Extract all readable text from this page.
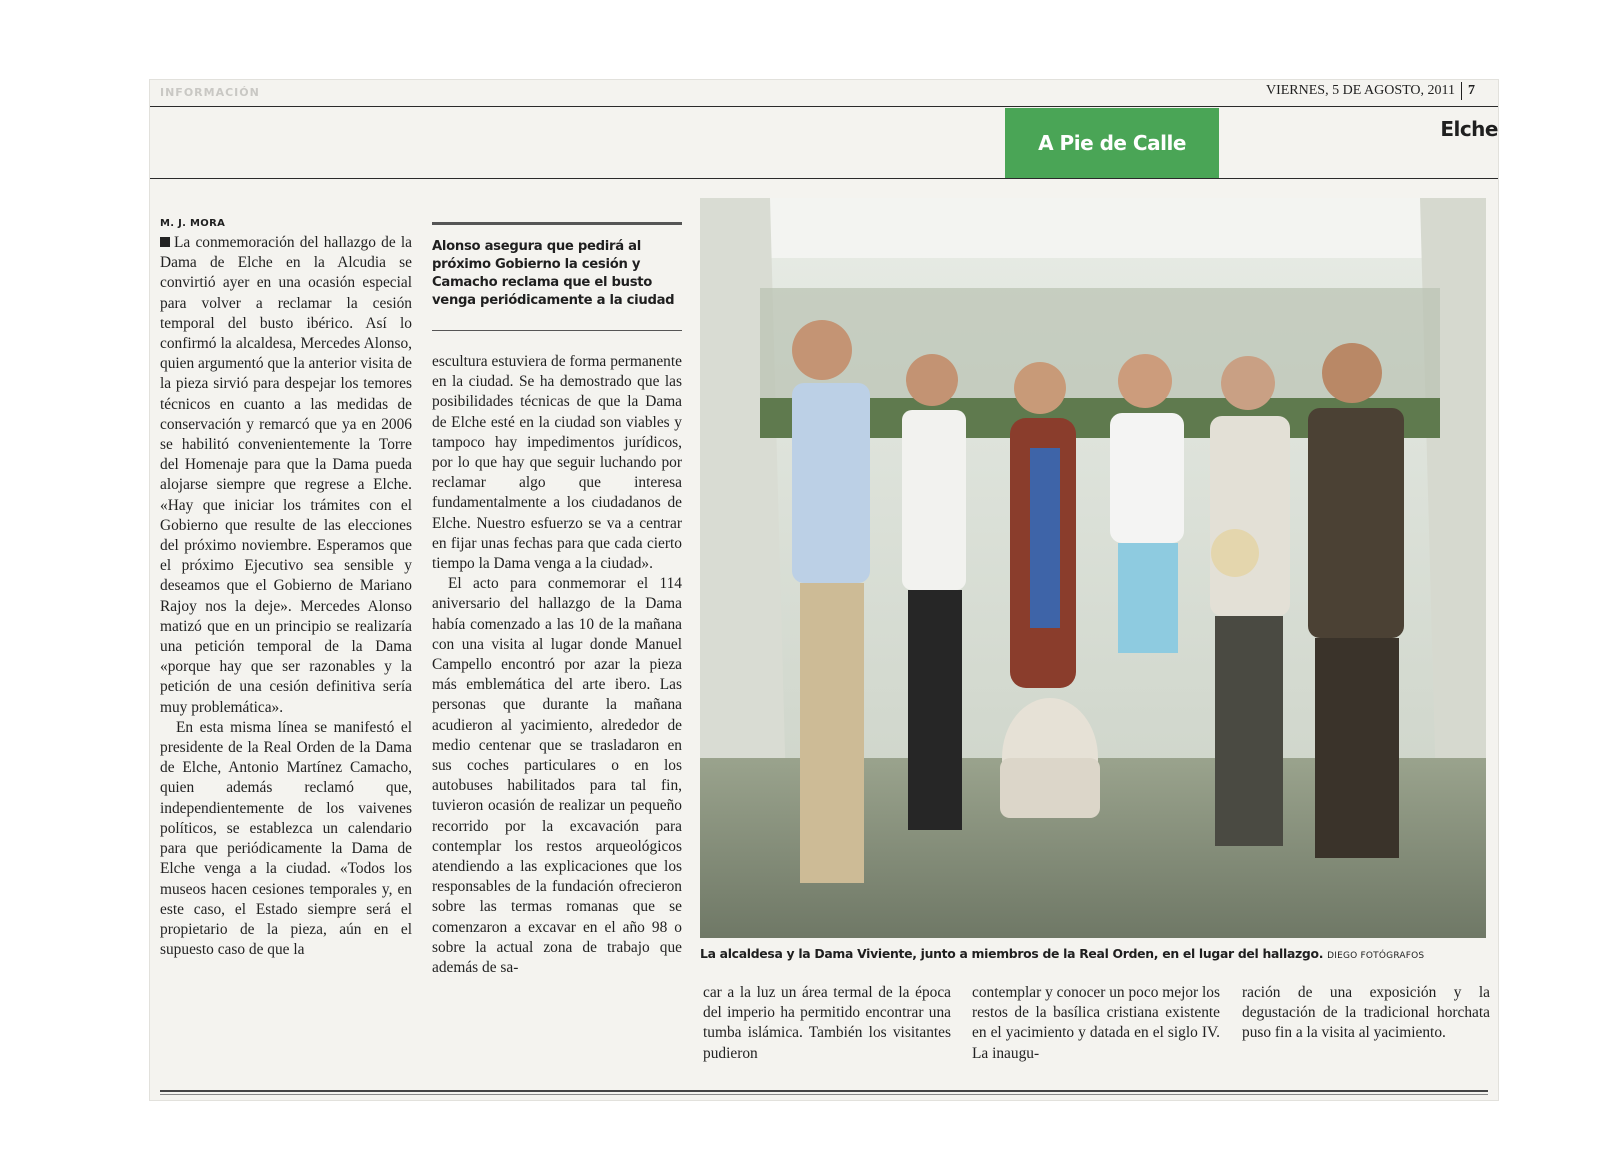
INFORMACIÓN	VIERNES, 5 DE AGOSTO, 2011 7
A Pie de Calle
Elche
M. J. MORA

La conmemoración del hallazgo de la Dama de Elche en la Alcudia se convirtió ayer en una ocasión especial para volver a reclamar la cesión temporal del busto ibérico. Así lo confirmó la alcaldesa, Mercedes Alonso, quien argumentó que la anterior visita de la pieza sirvió para despejar los temores técnicos en cuanto a las medidas de conservación y remarcó que ya en 2006 se habilitó convenientemente la Torre del Homenaje para que la Dama pueda alojarse siempre que regrese a Elche. «Hay que iniciar los trámites con el Gobierno que resulte de las elecciones del próximo noviembre. Esperamos que el próximo Ejecutivo sea sensible y deseamos que el Gobierno de Mariano Rajoy nos la deje». Mercedes Alonso matizó que en un principio se realizaría una petición temporal de la Dama «porque hay que ser razonables y la petición de una cesión definitiva sería muy problemática».

En esta misma línea se manifestó el presidente de la Real Orden de la Dama de Elche, Antonio Martínez Camacho, quien además reclamó que, independientemente de los vaivenes políticos, se establezca un calendario para que periódicamente la Dama de Elche venga a la ciudad. «Todos los museos hacen cesiones temporales y, en este caso, el Estado siempre será el propietario de la pieza, aún en el supuesto caso de que la

Alonso asegura que pedirá al próximo Gobierno la cesión y Camacho reclama que el busto venga periódicamente a la ciudad

escultura estuviera de forma permanente en la ciudad. Se ha demostrado que las posibilidades técnicas de que la Dama de Elche esté en la ciudad son viables y tampoco hay impedimentos jurídicos, por lo que hay que seguir luchando por reclamar algo que interesa fundamentalmente a los ciudadanos de Elche. Nuestro esfuerzo se va a centrar en fijar unas fechas para que cada cierto tiempo la Dama venga a la ciudad».

El acto para conmemorar el 114 aniversario del hallazgo de la Dama había comenzado a las 10 de la mañana con una visita al lugar donde Manuel Campello encontró por azar la pieza más emblemática del arte ibero. Las personas que durante la mañana acudieron al yacimiento, alrededor de medio centenar que se trasladaron en sus coches particulares o en los autobuses habilitados para tal fin, tuvieron ocasión de realizar un pequeño recorrido por la excavación para contemplar los restos arqueológicos atendiendo a las explicaciones que los responsables de la fundación ofrecieron sobre las termas romanas que se comenzaron a excavar en el año 98 o sobre la actual zona de trabajo que además de sa-

La alcaldesa y la Dama Viviente, junto a miembros de la Real Orden, en el lugar del hallazgo. DIEGO FOTÓGRAFOS
car a la luz un área termal de la época del imperio ha permitido encontrar una tumba islámica. También los visitantes pudieron
contemplar y conocer un poco mejor los restos de la basílica cristiana existente en el yacimiento y datada en el siglo IV. La inaugu-
ración de una exposición y la degustación de la tradicional horchata puso fin a la visita al yacimiento.
